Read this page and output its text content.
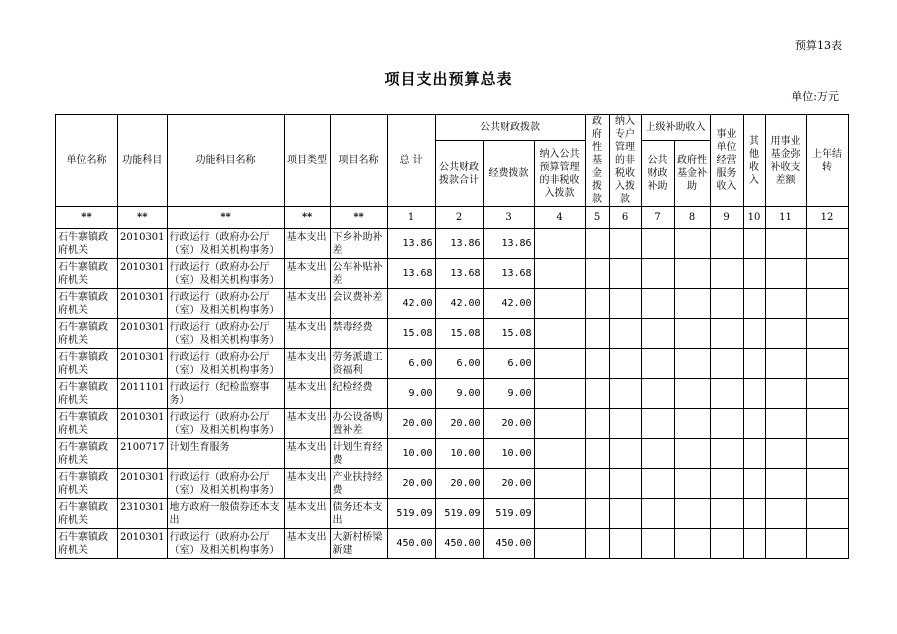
预算13表
项目支出预算总表
单位:万元
单位名称	功能科目	功能科目名称	项目类型	项目名称	总 计	公共财政拨款			政府性基金拨款	纳入专户管理的非税收入拨款	上级补助收入		事业单位经营服务收入	其他收入	用事业基金弥补收支差额	上年结转
						公共财政拨款合计	经费拨款	纳入公共预算管理的非税收入拨款			公共财政补助	政府性基金补助				

**	**	**	**	**	1	2	3	4	5	6	7	8	9	10	11	12

石牛寨镇政府机关	2010301	行政运行（政府办公厅（室）及相关机构事务）	基本支出	下乡补助补差	13.86	13.86	13.86									

石牛寨镇政府机关	2010301	行政运行（政府办公厅（室）及相关机构事务）	基本支出	公车补贴补差	13.68	13.68	13.68									

石牛寨镇政府机关	2010301	行政运行（政府办公厅（室）及相关机构事务）	基本支出	会议费补差	42.00	42.00	42.00									

石牛寨镇政府机关	2010301	行政运行（政府办公厅（室）及相关机构事务）	基本支出	禁毒经费	15.08	15.08	15.08									

石牛寨镇政府机关	2010301	行政运行（政府办公厅（室）及相关机构事务）	基本支出	劳务派遣工资福利	6.00	6.00	6.00									

石牛寨镇政府机关	2011101	行政运行（纪检监察事务）	基本支出	纪检经费	9.00	9.00	9.00									

石牛寨镇政府机关	2010301	行政运行（政府办公厅（室）及相关机构事务）	基本支出	办公设备购置补差	20.00	20.00	20.00									

石牛寨镇政府机关	2100717	计划生育服务	基本支出	计划生育经费	10.00	10.00	10.00									

石牛寨镇政府机关	2010301	行政运行（政府办公厅（室）及相关机构事务）	基本支出	产业扶持经费	20.00	20.00	20.00									

石牛寨镇政府机关	2310301	地方政府一般债券还本支出	基本支出	债务还本支出	519.09	519.09	519.09									

石牛寨镇政府机关	2010301	行政运行（政府办公厅（室）及相关机构事务）	基本支出	大新村桥梁新建	450.00	450.00	450.00									
